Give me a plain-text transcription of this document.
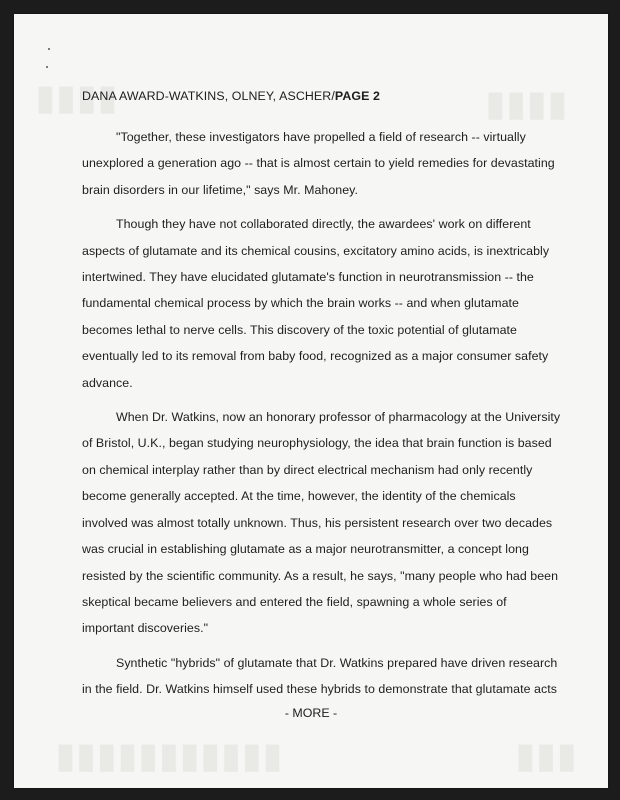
▮▮▮▮
▮▮▮▮
▮▮▮▮▮▮▮▮▮▮▮	▮▮▮

DANA AWARD-WATKINS, OLNEY, ASCHER/PAGE 2

"Together, these investigators have propelled a field of research -- virtually unexplored a generation ago -- that is almost certain to yield remedies for devastating brain disorders in our lifetime," says Mr. Mahoney.

Though they have not collaborated directly, the awardees' work on different aspects of glutamate and its chemical cousins, excitatory amino acids, is inextricably intertwined. They have elucidated glutamate's function in neurotransmission -- the fundamental chemical process by which the brain works -- and when glutamate becomes lethal to nerve cells. This discovery of the toxic potential of glutamate eventually led to its removal from baby food, recognized as a major consumer safety advance.

When Dr. Watkins, now an honorary professor of pharmacology at the University of Bristol, U.K., began studying neurophysiology, the idea that brain function is based on chemical interplay rather than by direct electrical mechanism had only recently become generally accepted. At the time, however, the identity of the chemicals involved was almost totally unknown. Thus, his persistent research over two decades was crucial in establishing glutamate as a major neurotransmitter, a concept long resisted by the scientific community. As a result, he says, "many people who had been skeptical became believers and entered the field, spawning a whole series of important discoveries."

Synthetic "hybrids" of glutamate that Dr. Watkins prepared have driven research in the field. Dr. Watkins himself used these hybrids to demonstrate that glutamate acts

- MORE -
